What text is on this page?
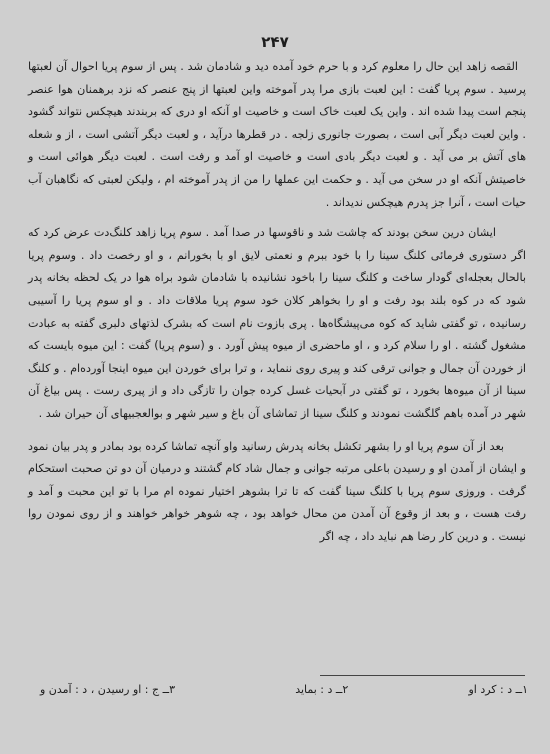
۲۴۷

القصه زاهد این حال را معلوم کرد و با حرم خود آمده دید و شادمان شد . پس از سوم پریا احوال آن لعبتها پرسید . سوم پریا گفت : این لعبت بازی مرا پدر آموخته واین لعبتها از پنج عنصر که نزد برهمنان هوا عنصر پنجم است پیدا شده اند . واین یک لعبت خاک است و خاصیت او آنکه او دری که بربندند هیچکس نتواند گشود . واین لعبت دیگر آبی است ، بصورت جانوری زلجه . در قطرها درآید ، و لعبت دیگر آتشی است ، از و شعله های آتش بر می آید . و لعبت دیگر بادی است و خاصیت او آمد و رفت است . لعبت دیگر هوائی است و خاصیتش آنکه او در سخن می آید . و حکمت این عملها را من از پدر آموخته ام ، ولیکن لعبتی که نگاهبان آب حیات است ، آنرا جز پدرم هیچکس ندیداند .

ایشان درین سخن بودند که چاشت شد و ناقوسها در صدا آمد . سوم پریا زاهد کلنگ‌دت عرض کرد که اگر دستوری فرمائی کلنگ سینا را با خود ببرم و نعمتی لایق او با بخورانم ، و او رخصت داد . وسوم پریا بالحال بعجله‌ای گودار ساخت و کلنگ سینا را باخود نشانیده با شادمان شود براه هوا در یک لحظه بخانه پدر شود که در کوه بلند بود رفت و او را بخواهر کلان خود سوم پریا ملاقات داد . و او سوم پریا را آسیبی رسانیده ، تو گفتی شاید که کوه می‌پیشگاه‌ها . پری بازوت نام است که بشرک لذتهای دلبری گفته به عبادت مشغول گشته . او را سلام کرد و ، او ماحضری از میوه پیش آورد . و (سوم پریا) گفت : این میوه بایست که از خوردن آن جمال و جوانی ترقی کند و پیری روی ننماید ، و ترا برای خوردن این میوه اینجا آورده‌ام . و کلنگ سینا از آن میوه‌ها بخورد ، تو گفتی در آبحیات غسل کرده جوان را تازگی داد و از پیری رست . پس بیاغ آن شهر در آمده باهم گلگشت نمودند و کلنگ سینا از تماشای آن باغ و سیر شهر و بوالعجبیهای آن حیران شد .

بعد از آن سوم پریا او را بشهر تکشل بخانه پدرش رسانید واو آنچه تماشا کرده بود بمادر و پدر بیان نمود و ایشان از آمدن او و رسیدن باعلی مرتبه جوانی و جمال شاد کام گشتند و درمیان آن دو تن صحبت استحکام گرفت . وروزی سوم پریا با کلنگ سینا گفت که تا ترا بشوهر اختیار نموده ام مرا با تو این محبت و آمد و رفت هست ، و بعد از وقوع آن آمدن من محال خواهد بود ، چه شوهر خواهر خواهند و از روی نمودن روا نیست . و درین کار رضا هم نباید داد ، چه اگر

۱ــ د : کرد او
۲ــ د : بماید
۳ــ ج : او رسیدن ، د : آمدن و
